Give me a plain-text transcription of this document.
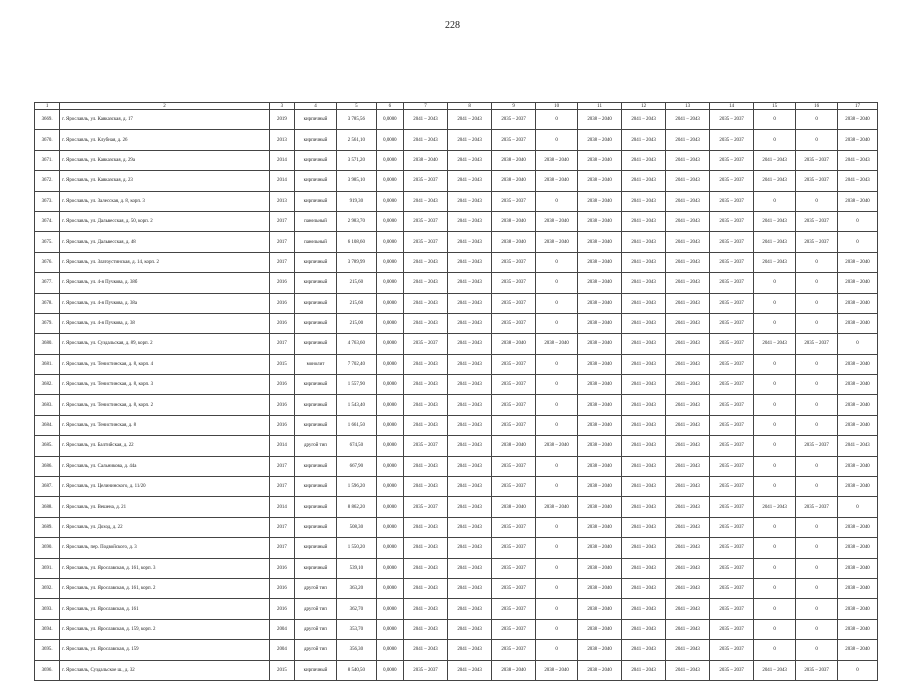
228
1	2	3	4	5	6	7	8	9	10	11	12	13	14	15	16	17
3669.	г. Ярославль, ул. Кавказская, д. 17	2019	кирпичный	3 785,56	0,0000	2041 – 2043	2041 – 2043	2035 – 2037	0	2038 – 2040	2041 – 2043	2041 – 2043	2035 – 2037	0	0	2038 – 2040
3670.	г. Ярославль, ул. Клубная, д. 26	2013	кирпичный	2 561,10	0,0000	2041 – 2043	2041 – 2043	2035 – 2037	0	2038 – 2040	2041 – 2043	2041 – 2043	2035 – 2037	0	0	2038 – 2040
3671.	г. Ярославль, ул. Кавказская, д. 29а	2014	кирпичный	3 571,20	0,0000	2038 – 2040	2041 – 2043	2038 – 2040	2038 – 2040	2038 – 2040	2041 – 2043	2041 – 2043	2035 – 2037	2041 – 2043	2035 – 2037	2041 – 2043
3672.	г. Ярославль, ул. Кавказская, д. 23	2014	кирпичный	3 985,10	0,0000	2035 – 2037	2041 – 2043	2038 – 2040	2038 – 2040	2038 – 2040	2041 – 2043	2041 – 2043	2035 – 2037	2041 – 2043	2035 – 2037	2041 – 2043
3673.	г. Ярославль, ул. Залесская, д. 8, корп. 3	2013	кирпичный	919,30	0,0000	2041 – 2043	2041 – 2043	2035 – 2037	0	2038 – 2040	2041 – 2043	2041 – 2043	2035 – 2037	0	0	2038 – 2040
3674.	г. Ярославль, ул. Дальвесская, д. 50, корп. 2	2017	панельный	2 983,70	0,0000	2035 – 2037	2041 – 2043	2038 – 2040	2038 – 2040	2038 – 2040	2041 – 2043	2041 – 2043	2035 – 2037	2041 – 2043	2035 – 2037	0
3675.	г. Ярославль, ул. Дальвесская, д. 48	2017	панельный	6 108,60	0,0000	2035 – 2037	2041 – 2043	2038 – 2040	2038 – 2040	2038 – 2040	2041 – 2043	2041 – 2043	2035 – 2037	2041 – 2043	2035 – 2037	0
3676.	г. Ярославль, ул. Златоустинская, д. 14, корп. 2	2017	кирпичный	3 789,99	0,0000	2041 – 2043	2041 – 2043	2035 – 2037	0	2038 – 2040	2041 – 2043	2041 – 2043	2035 – 2037	2041 – 2043	0	2038 – 2040
3677.	г. Ярославль, ул. 4-я Пучкова, д. 38б	2016	кирпичный	215,60	0,0000	2041 – 2043	2041 – 2043	2035 – 2037	0	2038 – 2040	2041 – 2043	2041 – 2043	2035 – 2037	0	0	2038 – 2040
3678.	г. Ярославль, ул. 4-я Пучкова, д. 38а	2016	кирпичный	215,60	0,0000	2041 – 2043	2041 – 2043	2035 – 2037	0	2038 – 2040	2041 – 2043	2041 – 2043	2035 – 2037	0	0	2038 – 2040
3679.	г. Ярославль, ул. 4-я Пучкова, д. 38	2016	кирпичный	215,00	0,0000	2041 – 2043	2041 – 2043	2035 – 2037	0	2038 – 2040	2041 – 2043	2041 – 2043	2035 – 2037	0	0	2038 – 2040
3680.	г. Ярославль, ул. Суздальская, д. 89, корп. 2	2017	кирпичный	4 763,60	0,0000	2035 – 2037	2041 – 2043	2038 – 2040	2038 – 2040	2038 – 2040	2041 – 2043	2041 – 2043	2035 – 2037	2041 – 2043	2035 – 2037	0
3681.	г. Ярославль, ул. Тенистинская, д. 8, корп. 4	2015	монолит	7 702,40	0,0000	2041 – 2043	2041 – 2043	2035 – 2037	0	2038 – 2040	2041 – 2043	2041 – 2043	2035 – 2037	0	0	2038 – 2040
3682.	г. Ярославль, ул. Тенистинская, д. 8, корп. 3	2016	кирпичный	1 557,90	0,0000	2041 – 2043	2041 – 2043	2035 – 2037	0	2038 – 2040	2041 – 2043	2041 – 2043	2035 – 2037	0	0	2038 – 2040
3683.	г. Ярославль, ул. Тенистинская, д. 8, корп. 2	2016	кирпичный	1 543,40	0,0000	2041 – 2043	2041 – 2043	2035 – 2037	0	2038 – 2040	2041 – 2043	2041 – 2043	2035 – 2037	0	0	2038 – 2040
3684.	г. Ярославль, ул. Тенистинская, д. 8	2016	кирпичный	1 661,50	0,0000	2041 – 2043	2041 – 2043	2035 – 2037	0	2038 – 2040	2041 – 2043	2041 – 2043	2035 – 2037	0	0	2038 – 2040
3685.	г. Ярославль, ул. Балтийская, д. 22	2014	другой тип	674,50	0,0000	2035 – 2037	2041 – 2043	2038 – 2040	2038 – 2040	2038 – 2040	2041 – 2043	2041 – 2043	2035 – 2037	0	2035 – 2037	2041 – 2043
3686.	г. Ярославль, ул. Сальникова, д. 44а	2017	кирпичный	667,90	0,0000	2041 – 2043	2041 – 2043	2035 – 2037	0	2038 – 2040	2041 – 2043	2041 – 2043	2035 – 2037	0	0	2038 – 2040
3687.	г. Ярославль, ул. Целининского, д. 11/20	2017	кирпичный	1 596,20	0,0000	2041 – 2043	2041 – 2043	2035 – 2037	0	2038 – 2040	2041 – 2043	2041 – 2043	2035 – 2037	0	0	2038 – 2040
3688.	г. Ярославль, ул. Вешена, д. 21	2014	кирпичный	8 862,20	0,0000	2035 – 2037	2041 – 2043	2038 – 2040	2038 – 2040	2038 – 2040	2041 – 2043	2041 – 2043	2035 – 2037	2041 – 2043	2035 – 2037	0
3689.	г. Ярославль, ул. Доход, д. 22	2017	кирпичный	508,30	0,0000	2041 – 2043	2041 – 2043	2035 – 2037	0	2038 – 2040	2041 – 2043	2041 – 2043	2035 – 2037	0	0	2038 – 2040
3690.	г. Ярославль, пер. Подвойского, д. 3	2017	кирпичный	1 550,20	0,0000	2041 – 2043	2041 – 2043	2035 – 2037	0	2038 – 2040	2041 – 2043	2041 – 2043	2035 – 2037	0	0	2038 – 2040
3691.	г. Ярославль, ул. Ярославская, д. 161, корп. 3	2016	кирпичный	539,10	0,0000	2041 – 2043	2041 – 2043	2035 – 2037	0	2038 – 2040	2041 – 2043	2041 – 2043	2035 – 2037	0	0	2038 – 2040
3692.	г. Ярославль, ул. Ярославская, д. 161, корп. 2	2016	другой тип	363,20	0,0000	2041 – 2043	2041 – 2043	2035 – 2037	0	2038 – 2040	2041 – 2043	2041 – 2043	2035 – 2037	0	0	2038 – 2040
3693.	г. Ярославль, ул. Ярославская, д. 161	2016	другой тип	362,70	0,0000	2041 – 2043	2041 – 2043	2035 – 2037	0	2038 – 2040	2041 – 2043	2041 – 2043	2035 – 2037	0	0	2038 – 2040
3694.	г. Ярославль, ул. Ярославская, д. 159, корп. 2	2004	другой тип	353,70	0,0000	2041 – 2043	2041 – 2043	2035 – 2037	0	2038 – 2040	2041 – 2043	2041 – 2043	2035 – 2037	0	0	2038 – 2040
3695.	г. Ярославль, ул. Ярославская, д. 159	2004	другой тип	356,30	0,0000	2041 – 2043	2041 – 2043	2035 – 2037	0	2038 – 2040	2041 – 2043	2041 – 2043	2035 – 2037	0	0	2038 – 2040
3696.	г. Ярославль, Суздальское ш., д. 32	2015	кирпичный	8 540,50	0,0000	2035 – 2037	2041 – 2043	2038 – 2040	2038 – 2040	2038 – 2040	2041 – 2043	2041 – 2043	2035 – 2037	2041 – 2043	2035 – 2037	0
